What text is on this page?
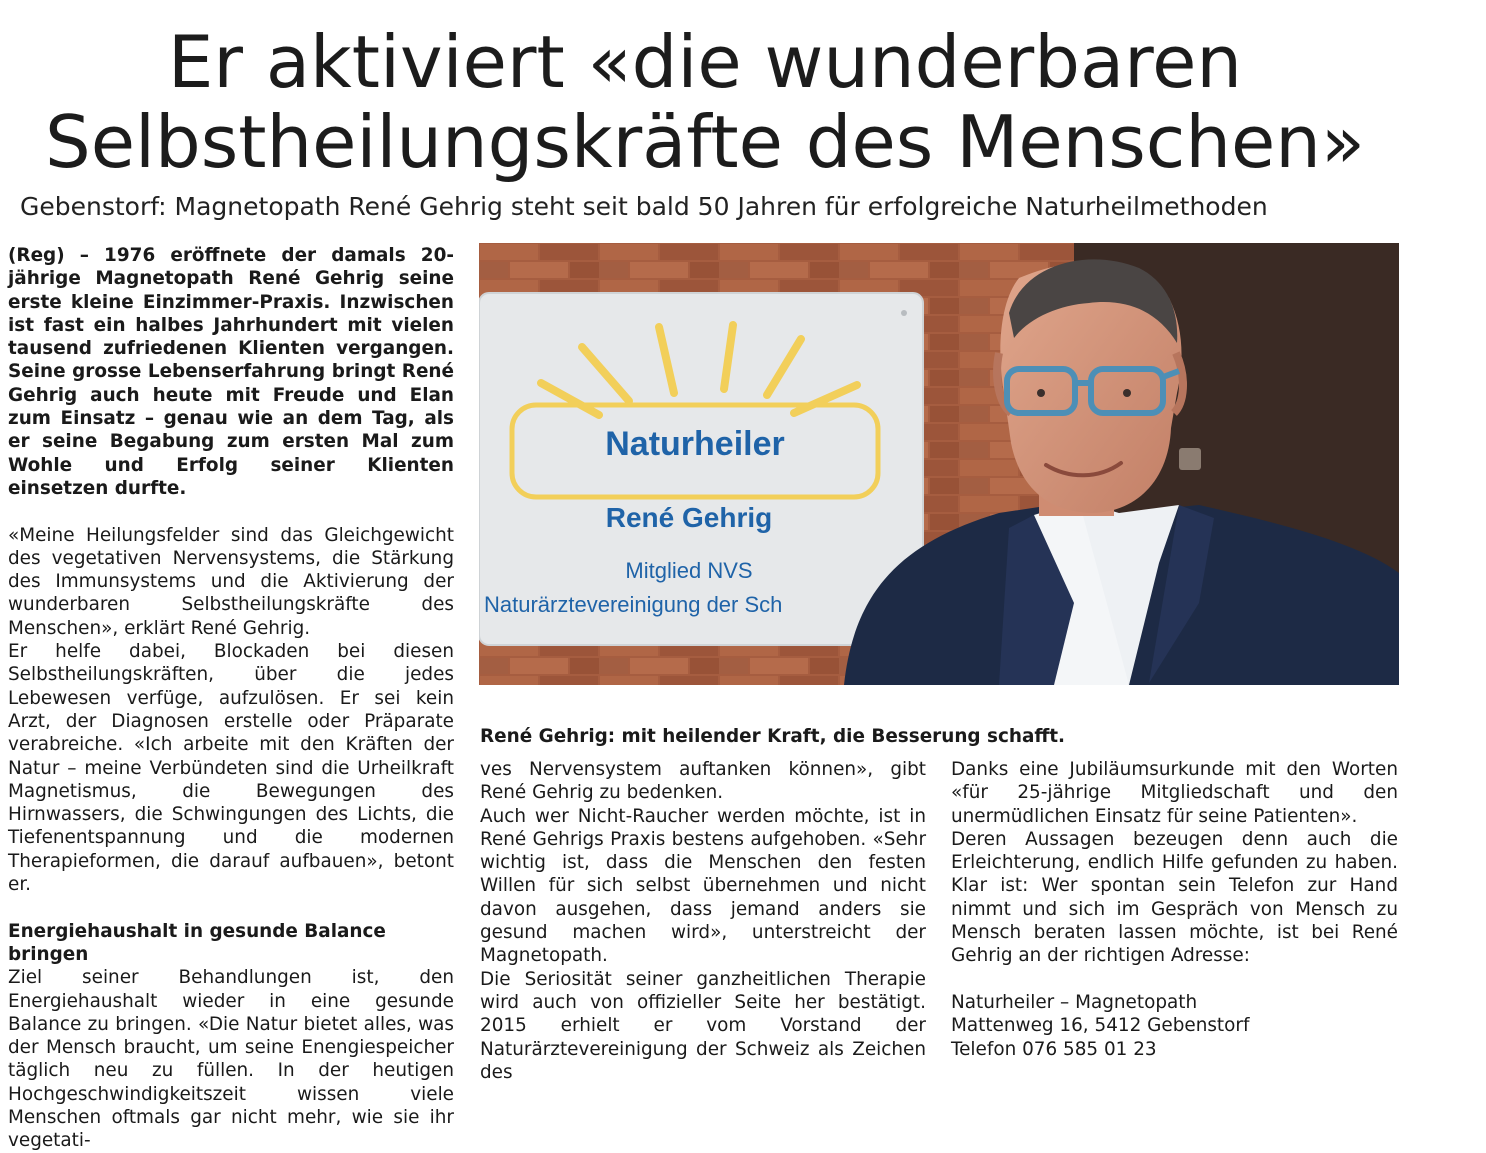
Er aktiviert «die wunderbaren
Selbstheilungskräfte des Menschen»

Gebenstorf: Magnetopath René Gehrig steht seit bald 50 Jahren für erfolgreiche Naturheilmethoden

(Reg) – 1976 eröffnete der damals 20-jährige Magnetopath René Gehrig seine erste kleine Einzimmer-Praxis. Inzwischen ist fast ein halbes Jahrhundert mit vielen tausend zufriedenen Klienten vergangen. Seine grosse Lebenserfahrung bringt René Gehrig auch heute mit Freude und Elan zum Einsatz – genau wie an dem Tag, als er seine Begabung zum ersten Mal zum Wohle und Erfolg seiner Klienten einsetzen durfte.

«Meine Heilungsfelder sind das Gleichgewicht des vegetativen Nervensystems, die Stärkung des Immunsystems und die Aktivierung der wunderbaren Selbstheilungskräfte des Menschen», erklärt René Gehrig.

Er helfe dabei, Blockaden bei diesen Selbstheilungskräften, über die jedes Lebewesen verfüge, aufzulösen. Er sei kein Arzt, der Diagnosen erstelle oder Präparate verabreiche. «Ich arbeite mit den Kräften der Natur – meine Verbündeten sind die Urheilkraft Magnetismus, die Bewegungen des Hirnwassers, die Schwingungen des Lichts, die Tiefenentspannung und die modernen Therapieformen, die darauf aufbauen», betont er.

Energiehaushalt in gesunde Balance bringen

Ziel seiner Behandlungen ist, den Energiehaushalt wieder in eine gesunde Balance zu bringen. «Die Natur bietet alles, was der Mensch braucht, um seine Enengiespeicher täglich neu zu füllen. In der heutigen Hochgeschwindigkeitszeit wissen viele Menschen oftmals gar nicht mehr, wie sie ihr vegetati-

Naturheiler
René Gehrig
Mitglied NVS
Naturärztevereinigung der Sch

René Gehrig: mit heilender Kraft, die Besserung schafft.

ves Nervensystem auftanken können», gibt René Gehrig zu bedenken.

Auch wer Nicht-Raucher werden möchte, ist in René Gehrigs Praxis bestens aufgehoben. «Sehr wichtig ist, dass die Menschen den festen Willen für sich selbst übernehmen und nicht davon ausgehen, dass jemand anders sie gesund machen wird», unterstreicht der Magnetopath.

Die Seriosität seiner ganzheitlichen Therapie wird auch von offizieller Seite her bestätigt. 2015 erhielt er vom Vorstand der Naturärztevereinigung der Schweiz als Zeichen des

Danks eine Jubiläumsurkunde mit den Worten «für 25-jährige Mitgliedschaft und den unermüdlichen Einsatz für seine Patienten».

Deren Aussagen bezeugen denn auch die Erleichterung, endlich Hilfe gefunden zu haben. Klar ist: Wer spontan sein Telefon zur Hand nimmt und sich im Gespräch von Mensch zu Mensch beraten lassen möchte, ist bei René Gehrig an der richtigen Adresse:

Naturheiler – Magnetopath

Mattenweg 16, 5412 Gebenstorf

Telefon 076 585 01 23
